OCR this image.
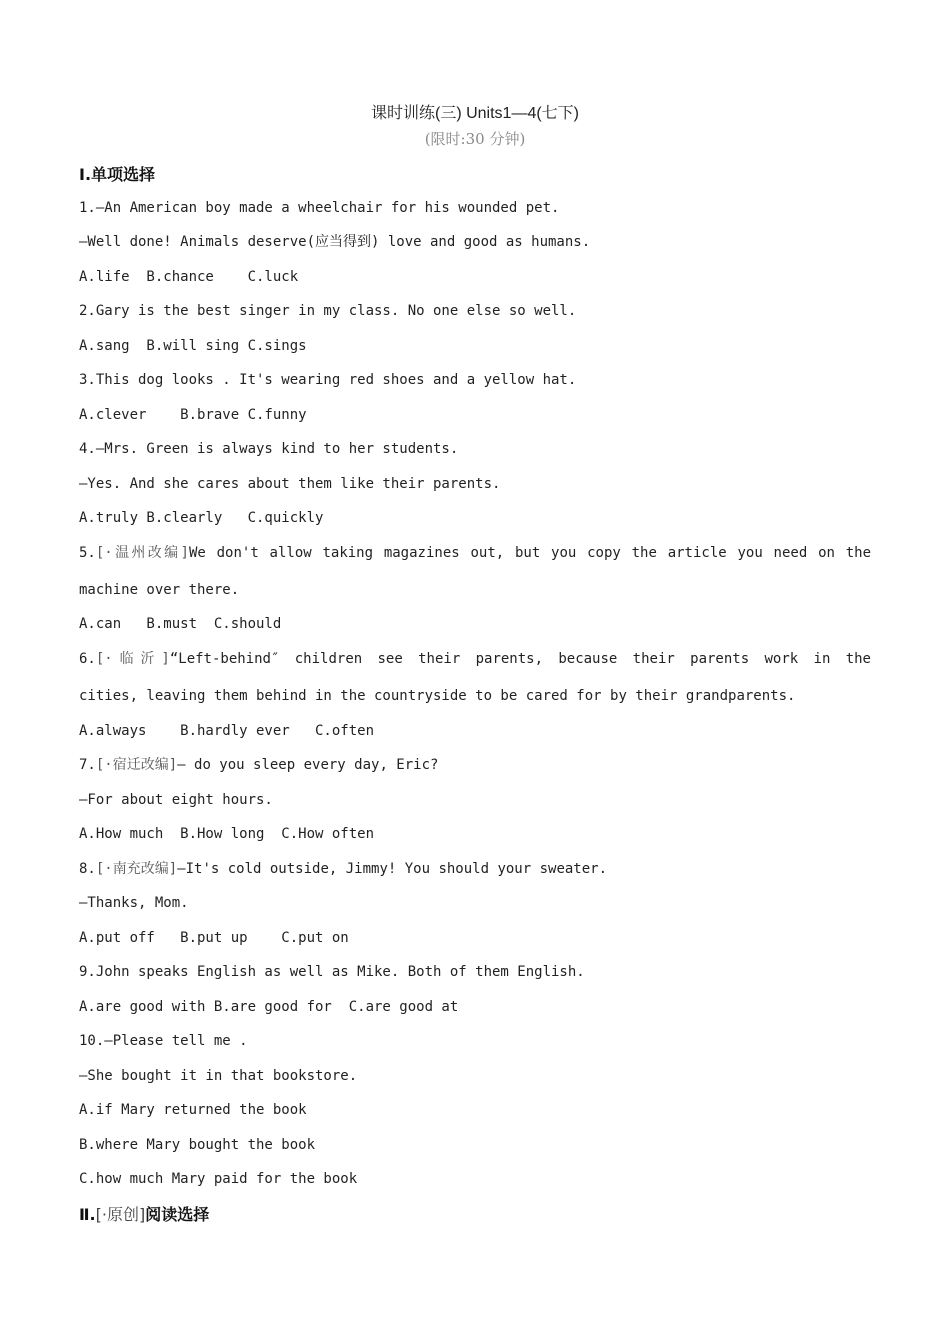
课时训练(三) Units1—4(七下)
(限时:30 分钟)
Ⅰ.单项选择
1.—An American boy made a wheelchair for his wounded pet.
—Well done! Animals deserve(应当得到) love and good as humans.
A.life  B.chance    C.luck
2.Gary is the best singer in my class. No one else so well.
A.sang  B.will sing C.sings
3.This dog looks . It's wearing red shoes and a yellow hat.
A.clever    B.brave C.funny
4.—Mrs. Green is always kind to her students.
—Yes. And she cares about them like their parents.
A.truly B.clearly   C.quickly
5.[·温州改编]We don't allow taking magazines out, but you copy the article you need on the
machine over there.
A.can   B.must  C.should
6.[·临沂]“Left-behind″ children see their parents, because their parents work in the
cities, leaving them behind in the countryside to be cared for by their grandparents.
A.always    B.hardly ever   C.often
7.[·宿迁改编]— do you sleep every day, Eric?
—For about eight hours.
A.How much  B.How long  C.How often
8.[·南充改编]—It's cold outside, Jimmy! You should your sweater.
—Thanks, Mom.
A.put off   B.put up    C.put on
9.John speaks English as well as Mike. Both of them English.
A.are good with B.are good for  C.are good at
10.—Please tell me .
—She bought it in that bookstore.
A.if Mary returned the book
B.where Mary bought the book
C.how much Mary paid for the book
Ⅱ.[·原创]阅读选择
